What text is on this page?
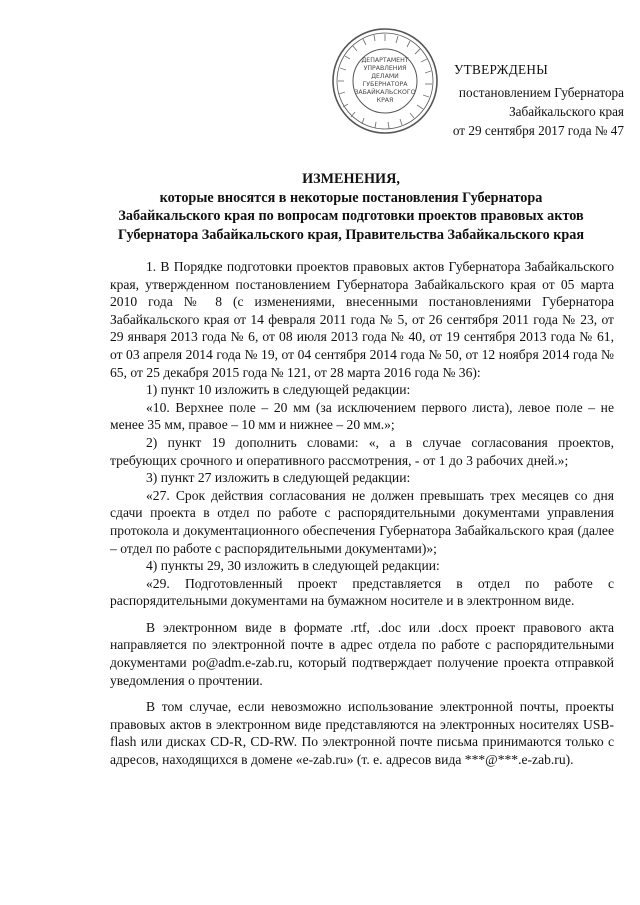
ДЕПАРТАМЕНТ
УПРАВЛЕНИЯ
ДЕЛАМИ
ГУБЕРНАТОРА
ЗАБАЙКАЛЬСКОГО
КРАЯ
УТВЕРЖДЕНЫ
постановлением Губернатора
Забайкальского края
от 29 сентября 2017 года № 47
ИЗМЕНЕНИЯ,
которые вносятся в некоторые постановления Губернатора
Забайкальского края по вопросам подготовки проектов правовых актов
Губернатора Забайкальского края, Правительства Забайкальского края

1. В Порядке подготовки проектов правовых актов Губернатора Забайкальского края, утвержденном постановлением Губернатора Забайкальского края от 05 марта 2010 года № 8 (с изменениями, внесенными постановлениями Губернатора Забайкальского края от 14 февраля 2011 года № 5, от 26 сентября 2011 года № 23, от 29 января 2013 года № 6, от 08 июля 2013 года № 40, от 19 сентября 2013 года № 61, от 03 апреля 2014 года № 19, от 04 сентября 2014 года № 50, от 12 ноября 2014 года № 65, от 25 декабря 2015 года № 121, от 28 марта 2016 года № 36):

1) пункт 10 изложить в следующей редакции:

«10. Верхнее поле – 20 мм (за исключением первого листа), левое поле – не менее 35 мм, правое – 10 мм и нижнее – 20 мм.»;

2) пункт 19 дополнить словами: «, а в случае согласования проектов, требующих срочного и оперативного рассмотрения, - от 1 до 3 рабочих дней.»;

3) пункт 27 изложить в следующей редакции:

«27. Срок действия согласования не должен превышать трех месяцев со дня сдачи проекта в отдел по работе с распорядительными документами управления протокола и документационного обеспечения Губернатора Забайкальского края (далее – отдел по работе с распорядительными документами)»;

4) пункты 29, 30 изложить в следующей редакции:

«29. Подготовленный проект представляется в отдел по работе с распорядительными документами на бумажном носителе и в электронном виде.

В электронном виде в формате .rtf, .doc или .docx проект правового акта направляется по электронной почте в адрес отдела по работе с распорядительными документами po@adm.e-zab.ru, который подтверждает получение проекта отправкой уведомления о прочтении.

В том случае, если невозможно использование электронной почты, проекты правовых актов в электронном виде представляются на электронных носителях USB-flash или дисках CD-R, CD-RW. По электронной почте письма принимаются только с адресов, находящихся в домене «e-zab.ru» (т. е. адресов вида ***@***.e-zab.ru).
